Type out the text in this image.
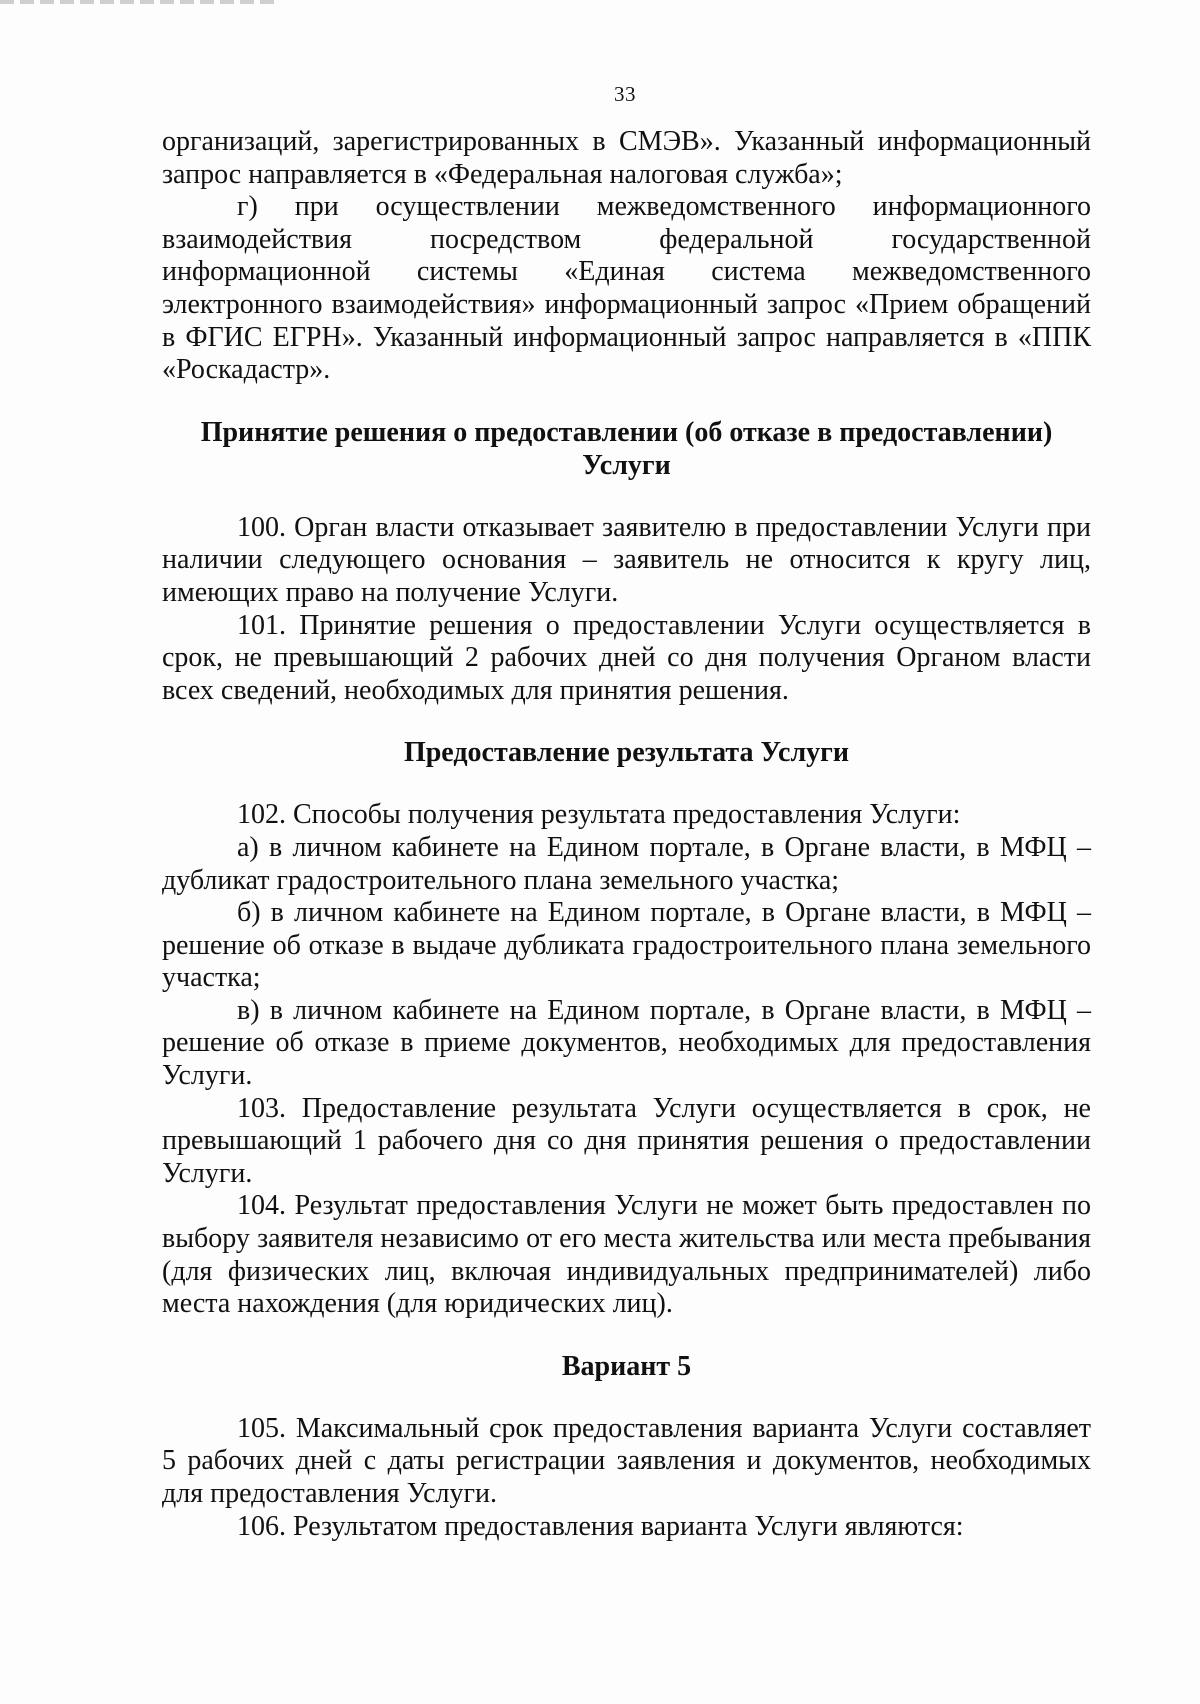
33

организаций, зарегистрированных в СМЭВ». Указанный информационный запрос направляется в «Федеральная налоговая служба»;

г) при осуществлении межведомственного информационного взаимодействия посредством федеральной государственной информационной системы «Единая система межведомственного электронного взаимодействия» информационный запрос «Прием обращений в ФГИС ЕГРН». Указанный информационный запрос направляется в «ППК «Роскадастр».

Принятие решения о предоставлении (об отказе в предоставлении) Услуги

100. Орган власти отказывает заявителю в предоставлении Услуги при наличии следующего основания – заявитель не относится к кругу лиц, имеющих право на получение Услуги.

101. Принятие решения о предоставлении Услуги осуществляется в срок, не превышающий 2 рабочих дней со дня получения Органом власти всех сведений, необходимых для принятия решения.

Предоставление результата Услуги

102. Способы получения результата предоставления Услуги:

а) в личном кабинете на Едином портале, в Органе власти, в МФЦ – дубликат градостроительного плана земельного участка;

б) в личном кабинете на Едином портале, в Органе власти, в МФЦ – решение об отказе в выдаче дубликата градостроительного плана земельного участка;

в) в личном кабинете на Едином портале, в Органе власти, в МФЦ – решение об отказе в приеме документов, необходимых для предоставления Услуги.

103. Предоставление результата Услуги осуществляется в срок, не превышающий 1 рабочего дня со дня принятия решения о предоставлении Услуги.

104. Результат предоставления Услуги не может быть предоставлен по выбору заявителя независимо от его места жительства или места пребывания (для физических лиц, включая индивидуальных предпринимателей) либо места нахождения (для юридических лиц).

Вариант 5

105. Максимальный срок предоставления варианта Услуги составляет 5 рабочих дней с даты регистрации заявления и документов, необходимых для предоставления Услуги.

106. Результатом предоставления варианта Услуги являются:
